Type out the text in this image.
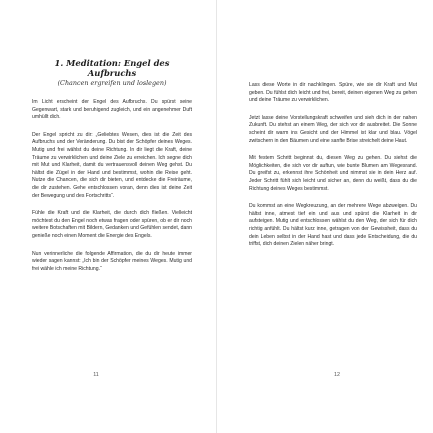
1. Meditation: Engel des Aufbruchs

(Chancen ergreifen und loslegen)

Im Licht erscheint der Engel des Aufbruchs. Du spürst seine Gegenwart, stark und beruhigend zugleich, und ein angenehmer Duft umhüllt dich.

Der Engel spricht zu dir: „Geliebtes Wesen, dies ist die Zeit des Aufbruchs und der Veränderung. Du bist der Schöpfer deines Weges. Mutig und frei wählst du deine Richtung. In dir liegt die Kraft, deine Träume zu verwirklichen und deine Ziele zu erreichen. Ich segne dich mit Mut und Klarheit, damit du vertrauensvoll deinen Weg gehst. Du hältst die Zügel in der Hand und bestimmst, wohin die Reise geht. Nutze die Chancen, die sich dir bieten, und entdecke die Freiräume, die dir zustehen. Gehe entschlossen voran, denn dies ist deine Zeit der Bewegung und des Fortschritts“.

Fühle die Kraft und die Klarheit, die durch dich fließen. Vielleicht möchtest du den Engel noch etwas fragen oder spüren, ob er dir noch weitere Botschaften mit Bildern, Gedanken und Gefühlen sendet, dann genieße noch einen Moment die Energie des Engels.

Nun verinnerliche die folgende Affirmation, die du dir heute immer wieder sagen kannst: „Ich bin der Schöpfer meines Weges. Mutig und frei wähle ich meine Richtung.“

11

Lass diese Worte in dir nachklingen. Spüre, wie sie dir Kraft und Mut geben. Du fühlst dich leicht und frei, bereit, deinen eigenen Weg zu gehen und deine Träume zu verwirklichen.

Jetzt lasse deine Vorstellungskraft schweifen und sieh dich in der nahen Zukunft. Du stehst an einem Weg, der sich vor dir ausbreitet. Die Sonne scheint dir warm ins Gesicht und der Himmel ist klar und blau. Vögel zwitschern in den Bäumen und eine sanfte Brise streichelt deine Haut.

Mit festem Schritt beginnst du, diesen Weg zu gehen. Du siehst die Möglichkeiten, die sich vor dir auftun, wie bunte Blumen am Wegesrand. Du greifst zu, erkennst ihre Schönheit und nimmst sie in dein Herz auf. Jeder Schritt fühlt sich leicht und sicher an, denn du weißt, dass du die Richtung deines Weges bestimmst.

Du kommst an eine Wegkreuzung, an der mehrere Wege abzweigen. Du hältst inne, atmest tief ein und aus und spürst die Klarheit in dir aufsteigen. Mutig und entschlossen wählst du den Weg, der sich für dich richtig anfühlt. Du hältst kurz inne, getragen von der Gewissheit, dass du dein Leben selbst in der Hand hast und dass jede Entscheidung, die du triffst, dich deinen Zielen näher bringt.

12
